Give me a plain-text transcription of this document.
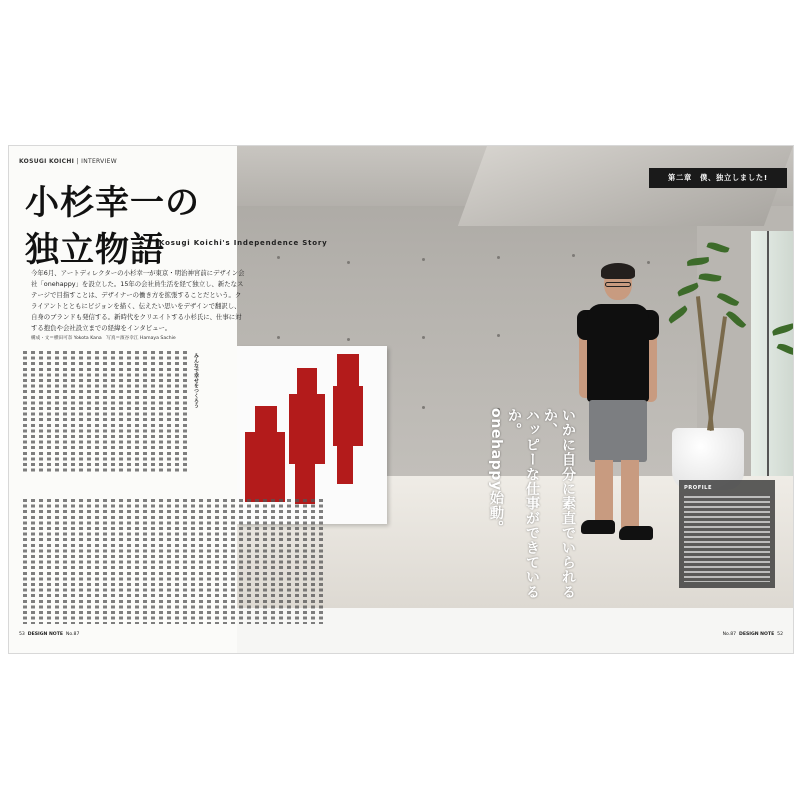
KOSUGI KOICHI | INTERVIEW
小杉幸一の
独立物語
Kosugi Koichi's Independence Story
今年6月、アートディレクターの小杉幸一が東京・明治神宮前にデザイン会社「onehappy」を設立した。15年の会社員生活を経て独立し、新たなステージで目指すことは、デザイナーの働き方を拡張することだという。クライアントとともにビジョンを描く、伝えたい思いをデザインで翻訳し、自身のブランドも発信する。新時代をクリエイトする小杉氏に、仕事に対する抱負や会社設立までの経緯をインタビュー。
構成・文＝横田可奈 Yokota Kana　写真＝濱谷幸江 Hamaya Sachie
みんなで幸せをつくろう
第二章　僕、独立しました!
いかに自分に素直でいられるか、
ハッピーな仕事ができているか。
onehappy始動。	PROFILE
53 DESIGN NOTE No.87	No.87 DESIGN NOTE 52
